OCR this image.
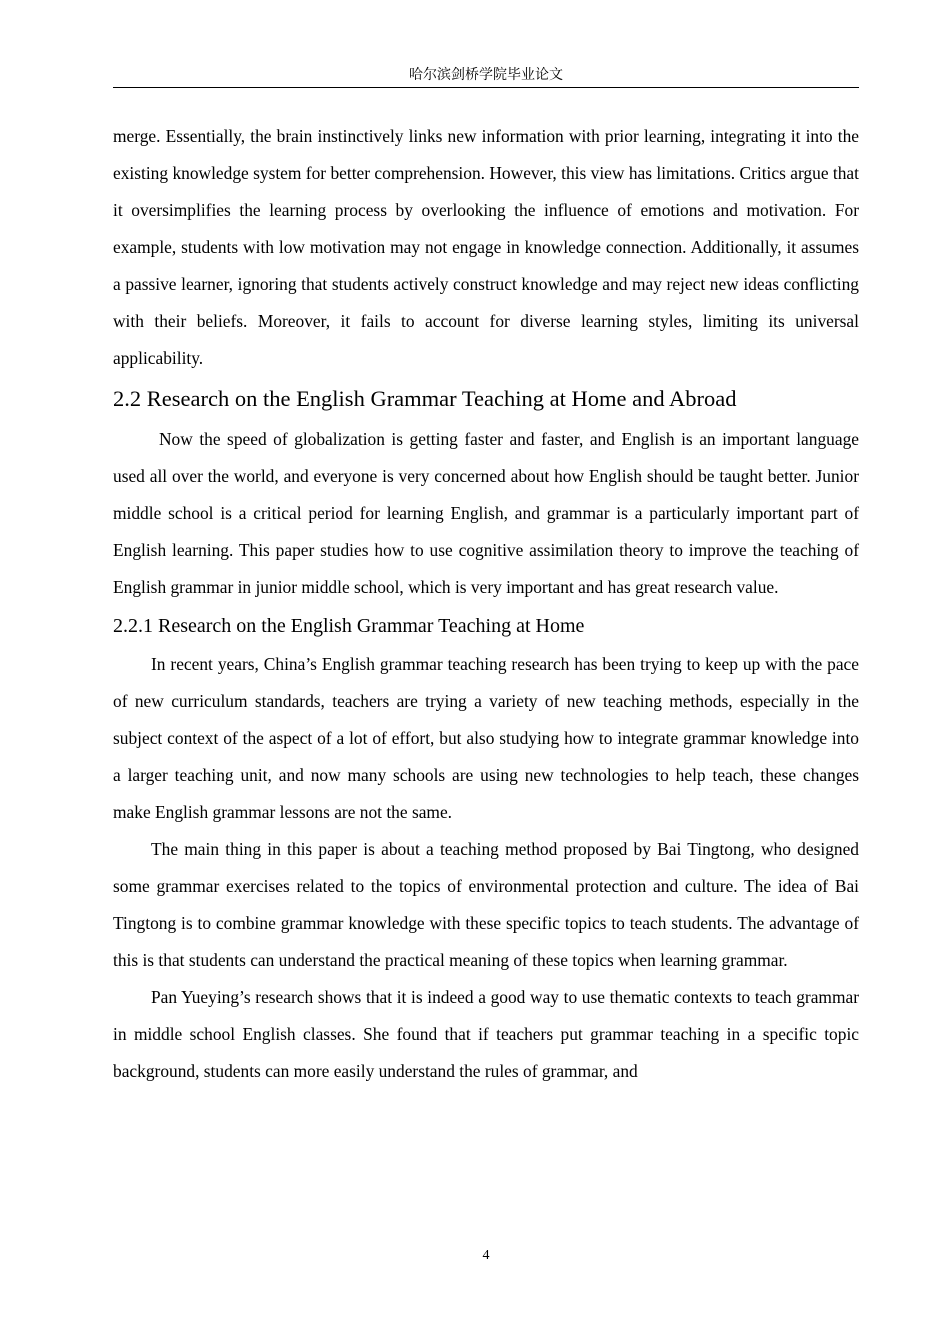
哈尔滨剑桥学院毕业论文

merge. Essentially, the brain instinctively links new information with prior learning, integrating it into the existing knowledge system for better comprehension. However, this view has limitations. Critics argue that it oversimplifies the learning process by overlooking the influence of emotions and motivation. For example, students with low motivation may not engage in knowledge connection. Additionally, it assumes a passive learner, ignoring that students actively construct knowledge and may reject new ideas conflicting with their beliefs. Moreover, it fails to account for diverse learning styles, limiting its universal applicability.

2.2 Research on the English Grammar Teaching at Home and Abroad

Now the speed of globalization is getting faster and faster, and English is an important language used all over the world, and everyone is very concerned about how English should be taught better. Junior middle school is a critical period for learning English, and grammar is a particularly important part of English learning. This paper studies how to use cognitive assimilation theory to improve the teaching of English grammar in junior middle school, which is very important and has great research value.

2.2.1 Research on the English Grammar Teaching at Home

In recent years, China’s English grammar teaching research has been trying to keep up with the pace of new curriculum standards, teachers are trying a variety of new teaching methods, especially in the subject context of the aspect of a lot of effort, but also studying how to integrate grammar knowledge into a larger teaching unit, and now many schools are using new technologies to help teach, these changes make English grammar lessons are not the same.

The main thing in this paper is about a teaching method proposed by Bai Tingtong, who designed some grammar exercises related to the topics of environmental protection and culture. The idea of Bai Tingtong is to combine grammar knowledge with these specific topics to teach students. The advantage of this is that students can understand the practical meaning of these topics when learning grammar.

Pan Yueying’s research shows that it is indeed a good way to use thematic contexts to teach grammar in middle school English classes. She found that if teachers put grammar teaching in a specific topic background, students can more easily understand the rules of grammar, and

4
